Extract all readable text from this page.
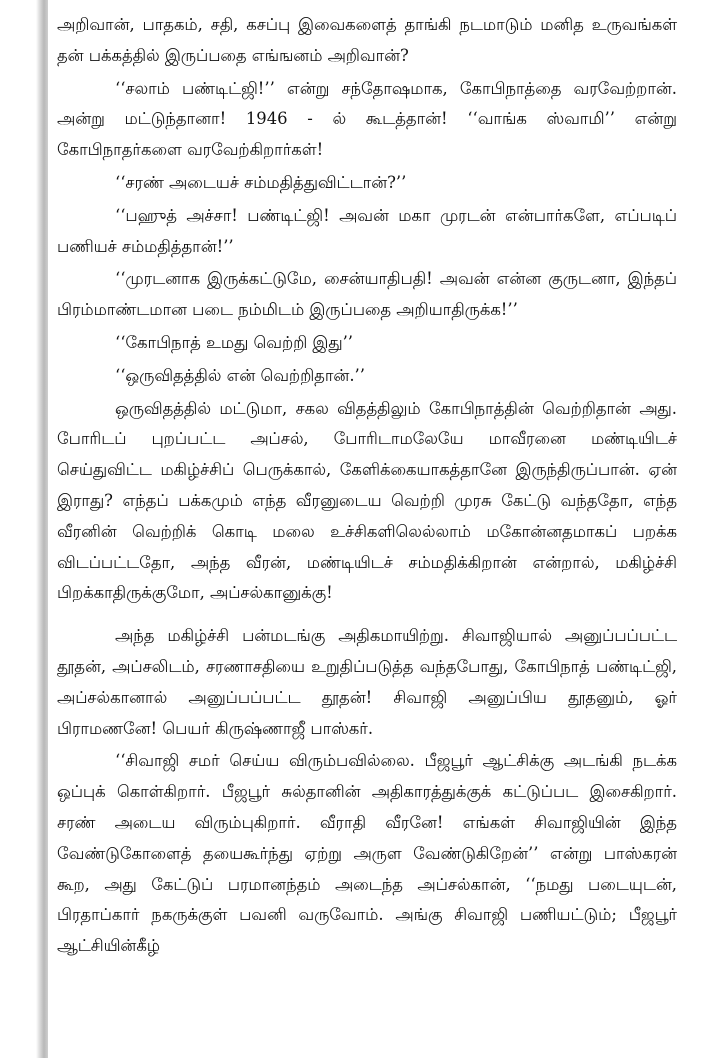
அறிவான், பாதகம், சதி, கசப்பு இவைகளைத் தாங்கி நடமாடும் மனித உருவங்கள் தன் பக்கத்தில் இருப்பதை எங்ஙனம் அறிவான்?

‘‘சலாம் பண்டிட்ஜி!’’ என்று சந்தோஷமாக, கோபிநாத்தை வரவேற்றான். அன்று மட்டுந்தானா! 1946 - ல் கூடத்தான்! ‘‘வாங்க ஸ்வாமி’’ என்று கோபிநாதர்களை வரவேற்கிறார்கள்!

‘‘சரண் அடையச் சம்மதித்துவிட்டான்?’’

‘‘பஹுத் அச்சா! பண்டிட்ஜி! அவன் மகா முரடன் என்பார்களே, எப்படிப் பணியச் சம்மதித்தான்!’’

‘‘முரடனாக இருக்கட்டுமே, சைன்யாதிபதி! அவன் என்ன குருடனா, இந்தப் பிரம்மாண்டமான படை நம்மிடம் இருப்பதை அறியாதிருக்க!’’

‘‘கோபிநாத் உமது வெற்றி இது’’

‘‘ஒருவிதத்தில் என் வெற்றிதான்.’’

ஒருவிதத்தில் மட்டுமா, சகல விதத்திலும் கோபிநாத்தின் வெற்றிதான் அது. போரிடப் புறப்பட்ட அப்சல், போரிடாமலேயே மாவீரனை மண்டியிடச் செய்துவிட்ட மகிழ்ச்சிப் பெருக்கால், கேளிக்கையாகத்தானே இருந்திருப்பான். ஏன் இராது? எந்தப் பக்கமும் எந்த வீரனுடைய வெற்றி முரசு கேட்டு வந்ததோ, எந்த வீரனின் வெற்றிக் கொடி மலை உச்சிகளிலெல்லாம் மகோன்னதமாகப் பறக்க விடப்பட்டதோ, அந்த வீரன், மண்டியிடச் சம்மதிக்கிறான் என்றால், மகிழ்ச்சி பிறக்காதிருக்குமோ, அப்சல்கானுக்கு!

அந்த மகிழ்ச்சி பன்மடங்கு அதிகமாயிற்று. சிவாஜியால் அனுப்பப்பட்ட தூதன், அப்சலிடம், சரணாசதியை உறுதிப்படுத்த வந்தபோது, கோபிநாத் பண்டிட்ஜி, அப்சல்கானால் அனுப்பப்பட்ட தூதன்! சிவாஜி அனுப்பிய தூதனும், ஓர் பிராமணனே! பெயர் கிருஷ்ணாஜீ பாஸ்கர்.

‘‘சிவாஜி சமர் செய்ய விரும்பவில்லை. பீஜபூர் ஆட்சிக்கு அடங்கி நடக்க ஒப்புக் கொள்கிறார். பீஜபூர் சுல்தானின் அதிகாரத்துக்குக் கட்டுப்பட இசைகிறார். சரண் அடைய விரும்புகிறார். வீராதி வீரனே! எங்கள் சிவாஜியின் இந்த வேண்டுகோளைத் தயைகூர்ந்து ஏற்று அருள வேண்டுகிறேன்’’ என்று பாஸ்கரன் கூற, அது கேட்டுப் பரமானந்தம் அடைந்த அப்சல்கான், ‘‘நமது படையுடன், பிரதாப்கார் நகருக்குள் பவனி வருவோம். அங்கு சிவாஜி பணியட்டும்; பீஜபூர் ஆட்சியின்கீழ்
